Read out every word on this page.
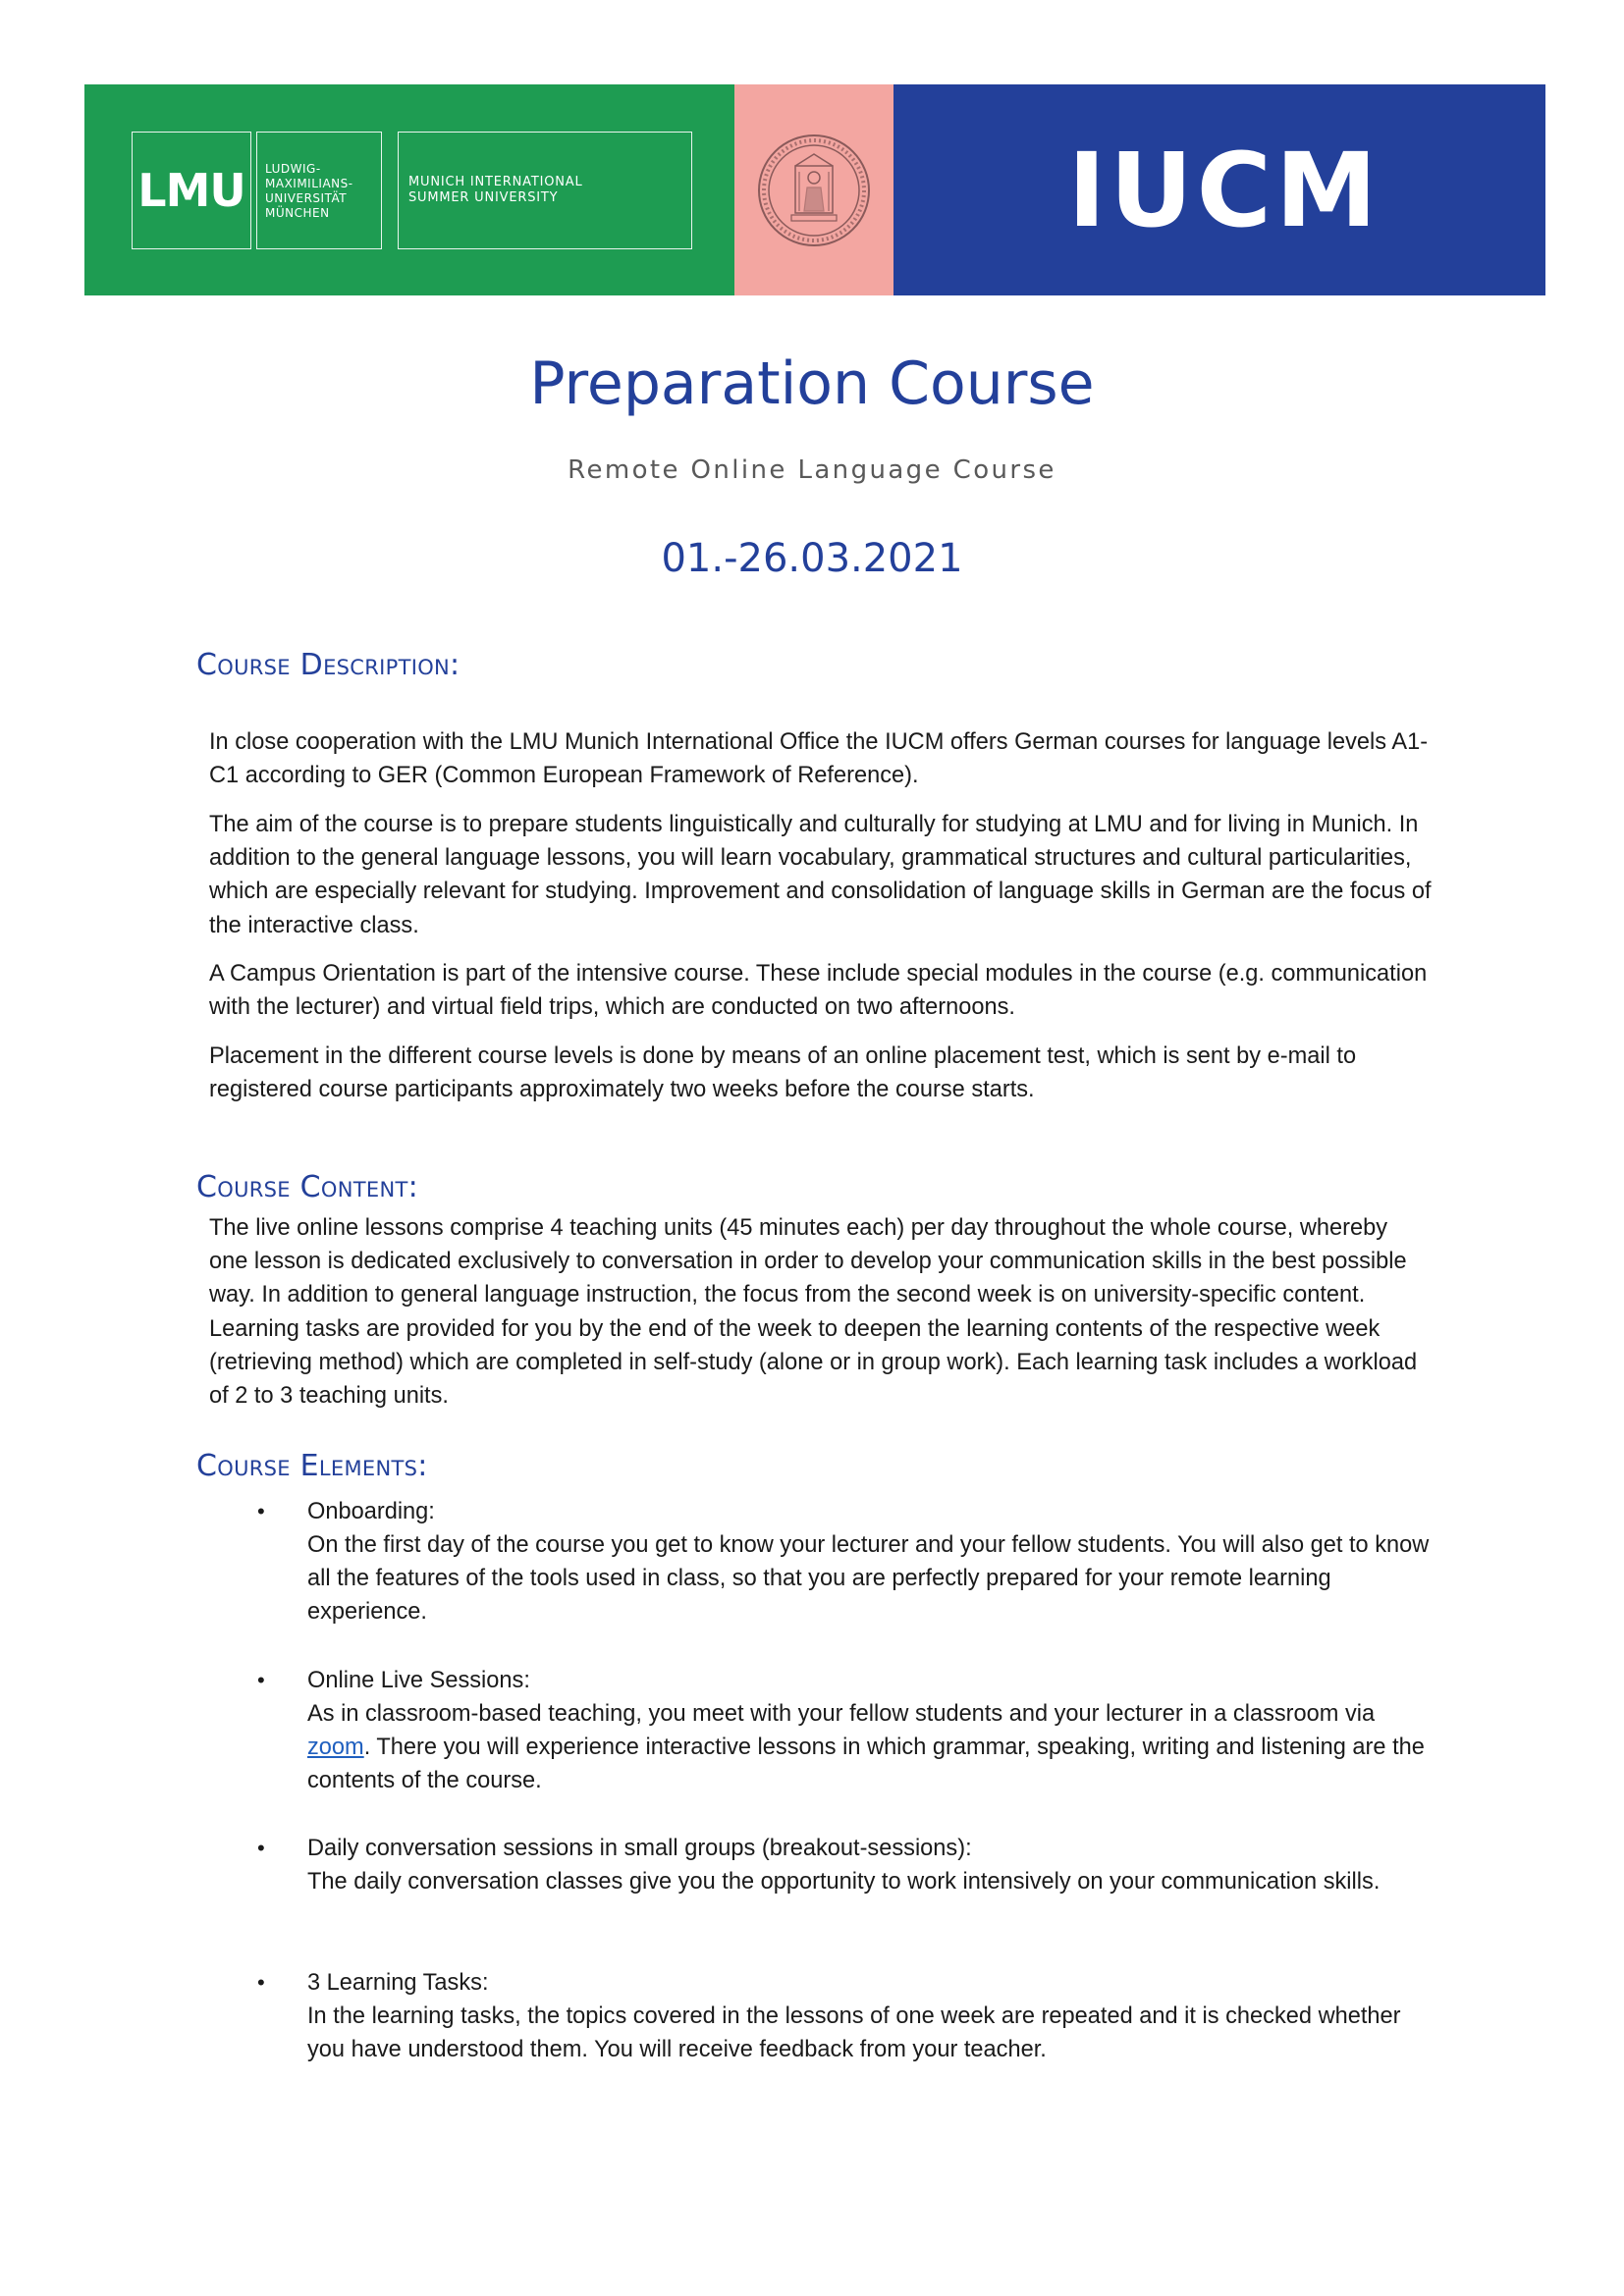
LMU LUDWIG-
MAXIMILIANS-
UNIVERSITÄT
MÜNCHEN
MUNICH INTERNATIONAL
SUMMER UNIVERSITY	IUCM
Preparation Course
Remote Online Language Course
01.-26.03.2021
Course Description:

In close cooperation with the LMU Munich International Office the IUCM offers German courses for language levels A1-C1 according to GER (Common European Framework of Reference).

The aim of the course is to prepare students linguistically and culturally for studying at LMU and for living in Munich. In addition to the general language lessons, you will learn vocabulary, grammatical structures and cultural particularities, which are especially relevant for studying. Improvement and consolidation of language skills in German are the focus of the interactive class.

A Campus Orientation is part of the intensive course. These include special modules in the course (e.g. communication with the lecturer) and virtual field trips, which are conducted on two afternoons.

Placement in the different course levels is done by means of an online placement test, which is sent by e-mail to registered course participants approximately two weeks before the course starts.

Course Content:

The live online lessons comprise 4 teaching units (45 minutes each) per day throughout the whole course, whereby one lesson is dedicated exclusively to conversation in order to develop your communication skills in the best possible way. In addition to general language instruction, the focus from the second week is on university-specific content. Learning tasks are provided for you by the end of the week to deepen the learning contents of the respective week (retrieving method) which are completed in self-study (alone or in group work). Each learning task includes a workload of 2 to 3 teaching units.

Course Elements:
• Onboarding:

On the first day of the course you get to know your lecturer and your fellow students. You will also get to know all the features of the tools used in class, so that you are perfectly prepared for your remote learning experience.

• Online Live Sessions:

As in classroom-based teaching, you meet with your fellow students and your lecturer in a classroom via zoom. There you will experience interactive lessons in which grammar, speaking, writing and listening are the contents of the course.

• Daily conversation sessions in small groups (breakout-sessions):

The daily conversation classes give you the opportunity to work intensively on your communication skills.

• 3 Learning Tasks:

In the learning tasks, the topics covered in the lessons of one week are repeated and it is checked whether you have understood them. You will receive feedback from your teacher.
